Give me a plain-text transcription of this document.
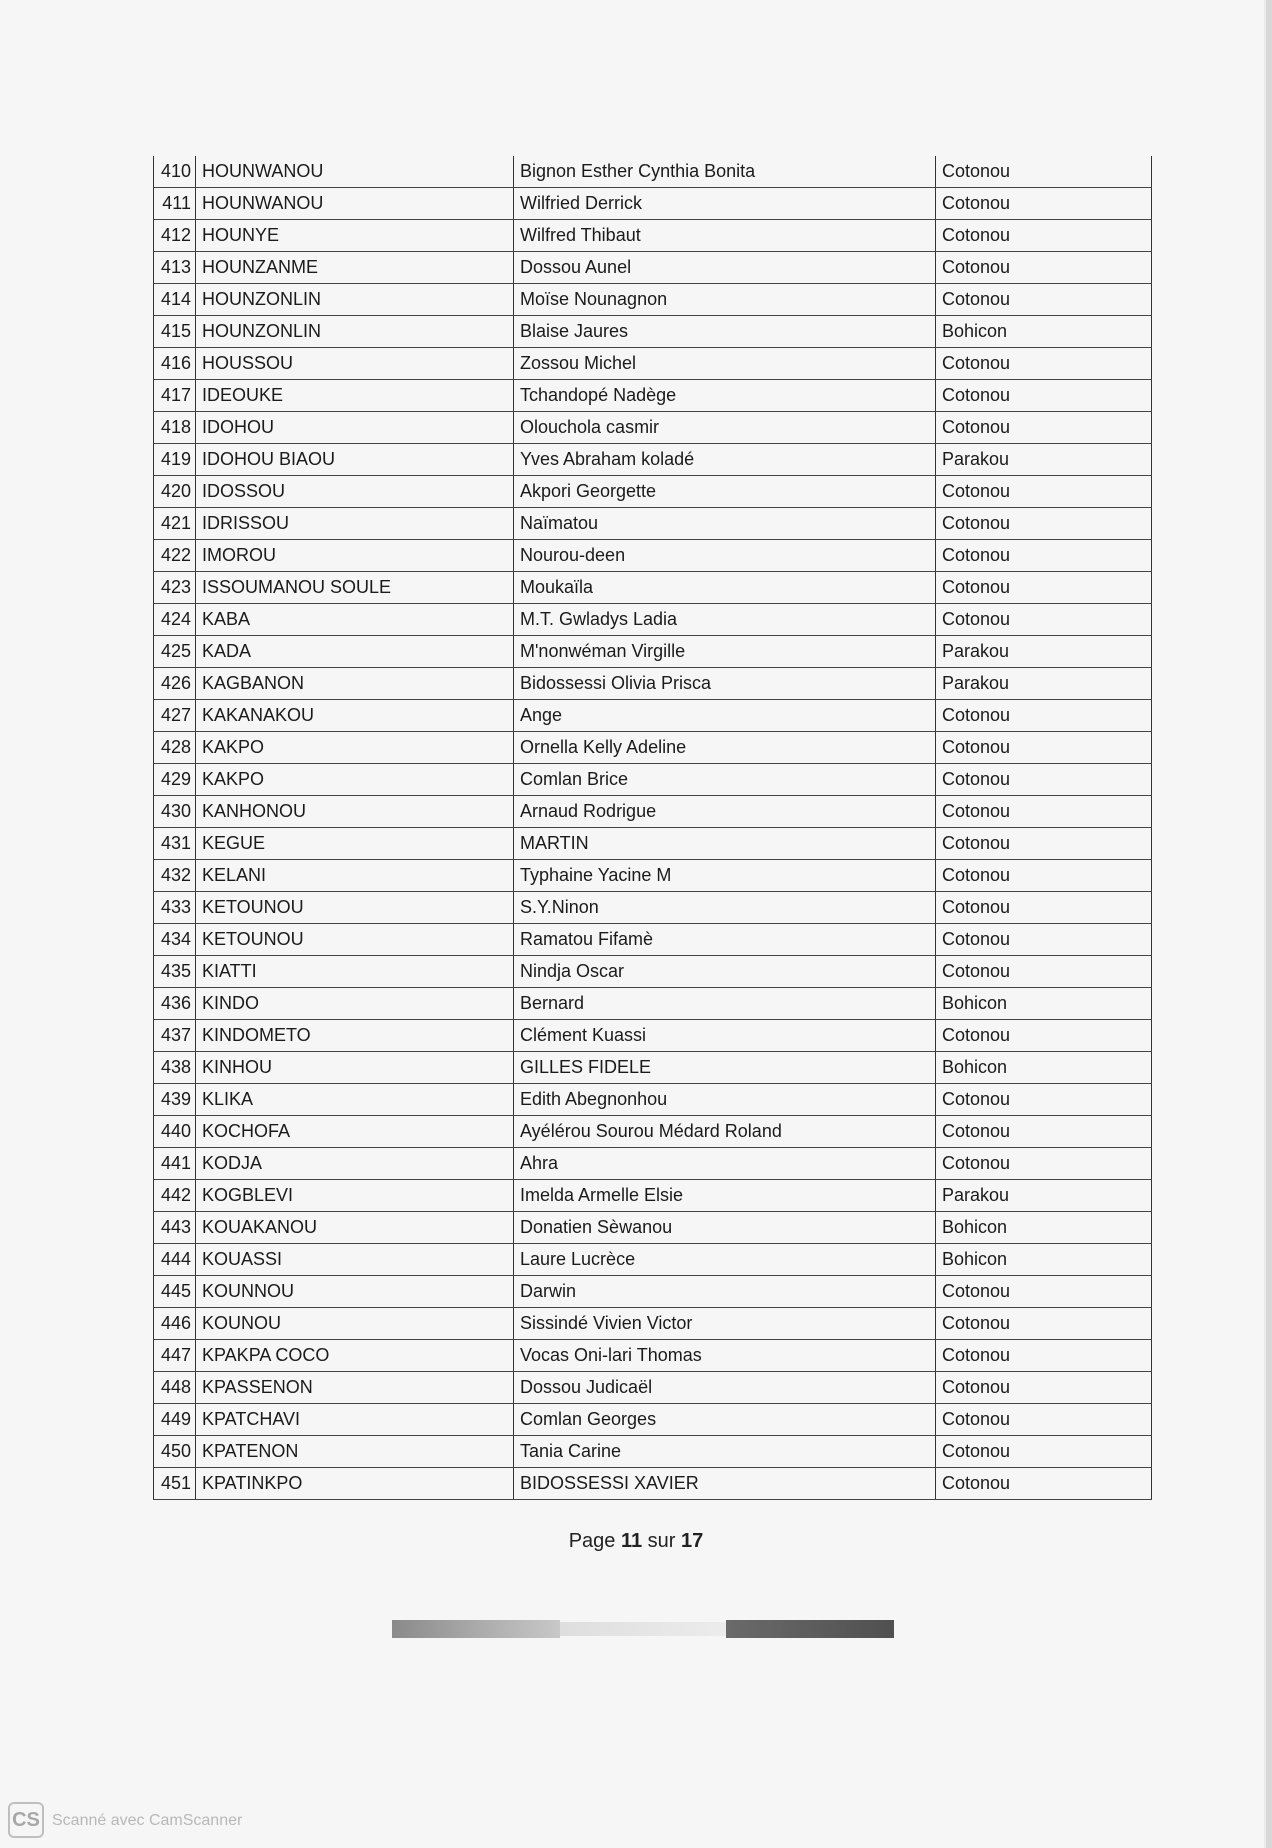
410	HOUNWANOU	Bignon Esther Cynthia Bonita	Cotonou
411	HOUNWANOU	Wilfried Derrick	Cotonou
412	HOUNYE	Wilfred Thibaut	Cotonou
413	HOUNZANME	Dossou Aunel	Cotonou
414	HOUNZONLIN	Moïse Nounagnon	Cotonou
415	HOUNZONLIN	Blaise Jaures	Bohicon
416	HOUSSOU	Zossou Michel	Cotonou
417	IDEOUKE	Tchandopé Nadège	Cotonou
418	IDOHOU	Olouchola casmir	Cotonou
419	IDOHOU BIAOU	Yves Abraham koladé	Parakou
420	IDOSSOU	Akpori Georgette	Cotonou
421	IDRISSOU	Naïmatou	Cotonou
422	IMOROU	Nourou-deen	Cotonou
423	ISSOUMANOU SOULE	Moukaïla	Cotonou
424	KABA	M.T. Gwladys Ladia	Cotonou
425	KADA	M'nonwéman Virgille	Parakou
426	KAGBANON	Bidossessi Olivia Prisca	Parakou
427	KAKANAKOU	Ange	Cotonou
428	KAKPO	Ornella Kelly Adeline	Cotonou
429	KAKPO	Comlan Brice	Cotonou
430	KANHONOU	Arnaud Rodrigue	Cotonou
431	KEGUE	MARTIN	Cotonou
432	KELANI	Typhaine Yacine M	Cotonou
433	KETOUNOU	S.Y.Ninon	Cotonou
434	KETOUNOU	Ramatou Fifamè	Cotonou
435	KIATTI	Nindja Oscar	Cotonou
436	KINDO	Bernard	Bohicon
437	KINDOMETO	Clément Kuassi	Cotonou
438	KINHOU	GILLES FIDELE	Bohicon
439	KLIKA	Edith Abegnonhou	Cotonou
440	KOCHOFA	Ayélérou Sourou Médard Roland	Cotonou
441	KODJA	Ahra	Cotonou
442	KOGBLEVI	Imelda Armelle Elsie	Parakou
443	KOUAKANOU	Donatien Sèwanou	Bohicon
444	KOUASSI	Laure Lucrèce	Bohicon
445	KOUNNOU	Darwin	Cotonou
446	KOUNOU	Sissindé Vivien Victor	Cotonou
447	KPAKPA COCO	Vocas Oni-lari Thomas	Cotonou
448	KPASSENON	Dossou Judicaël	Cotonou
449	KPATCHAVI	Comlan Georges	Cotonou
450	KPATENON	Tania Carine	Cotonou
451	KPATINKPO	BIDOSSESSI XAVIER	Cotonou
Page 11 sur 17
CS Scanné avec CamScanner
